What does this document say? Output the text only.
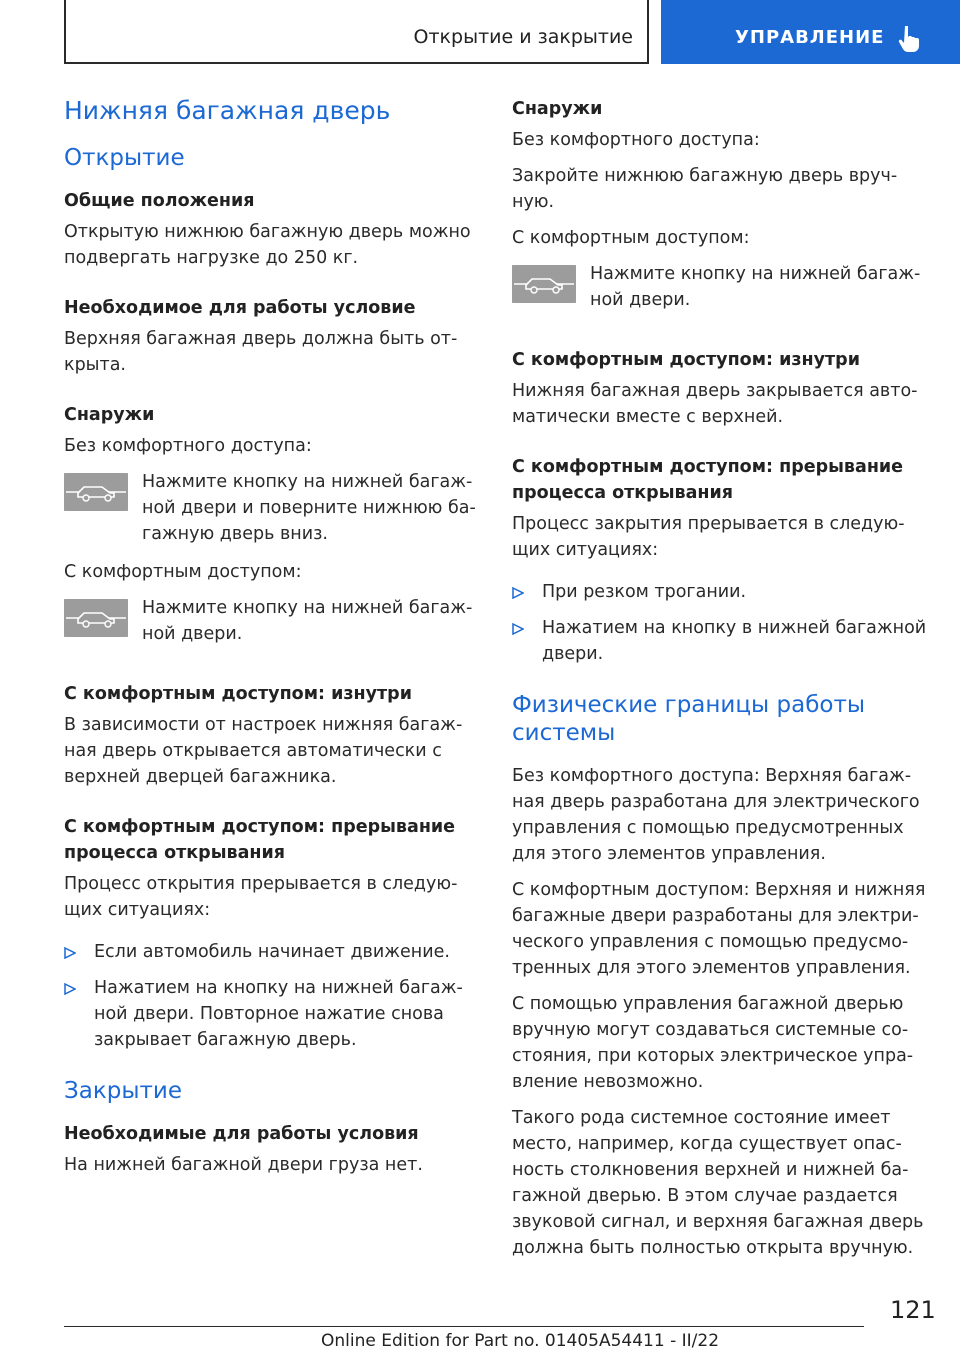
Открытие и закрытие	УПРАВЛЕНИЕ
Нижняя багажная дверь
Открытие
Общие положения
Открытую нижнюю багажную дверь можно подвергать нагрузке до 250 кг.
Необходимое для работы условие
Верхняя багажная дверь должна быть от-крыта.
Снаружи
Без комфортного доступа:
Нажмите кнопку на нижней багаж-ной двери и поверните нижнюю ба-гажную дверь вниз.
С комфортным доступом:
Нажмите кнопку на нижней багаж-ной двери.
С комфортным доступом: изнутри
В зависимости от настроек нижняя багаж-ная дверь открывается автоматически с верхней дверцей багажника.
С комфортным доступом: прерывание процесса открывания
Процесс открытия прерывается в следую-щих ситуациях:
Если автомобиль начинает движение.
Нажатием на кнопку на нижней багаж-ной двери. Повторное нажатие снова закрывает багажную дверь.
Закрытие
Необходимые для работы условия
На нижней багажной двери груза нет.
Снаружи
Без комфортного доступа:
Закройте нижнюю багажную дверь вруч-ную.
С комфортным доступом:
Нажмите кнопку на нижней багаж-ной двери.
С комфортным доступом: изнутри
Нижняя багажная дверь закрывается авто-матически вместе с верхней.
С комфортным доступом: прерывание процесса открывания
Процесс закрытия прерывается в следую-щих ситуациях:
При резком трогании.
Нажатием на кнопку в нижней багажной двери.
Физические границы работы системы
Без комфортного доступа: Верхняя багаж-ная дверь разработана для электрического управления с помощью предусмотренных для этого элементов управления.
С комфортным доступом: Верхняя и нижняя багажные двери разработаны для электри-ческого управления с помощью предусмо-тренных для этого элементов управления.
С помощью управления багажной дверью вручную могут создаваться системные со-стояния, при которых электрическое упра-вление невозможно.
Такого рода системное состояние имеет место, например, когда существует опас-ность столкновения верхней и нижней ба-гажной дверью. В этом случае раздается звуковой сигнал, и верхняя багажная дверь должна быть полностью открыта вручную.
121
Online Edition for Part no. 01405A54411 - II/22
